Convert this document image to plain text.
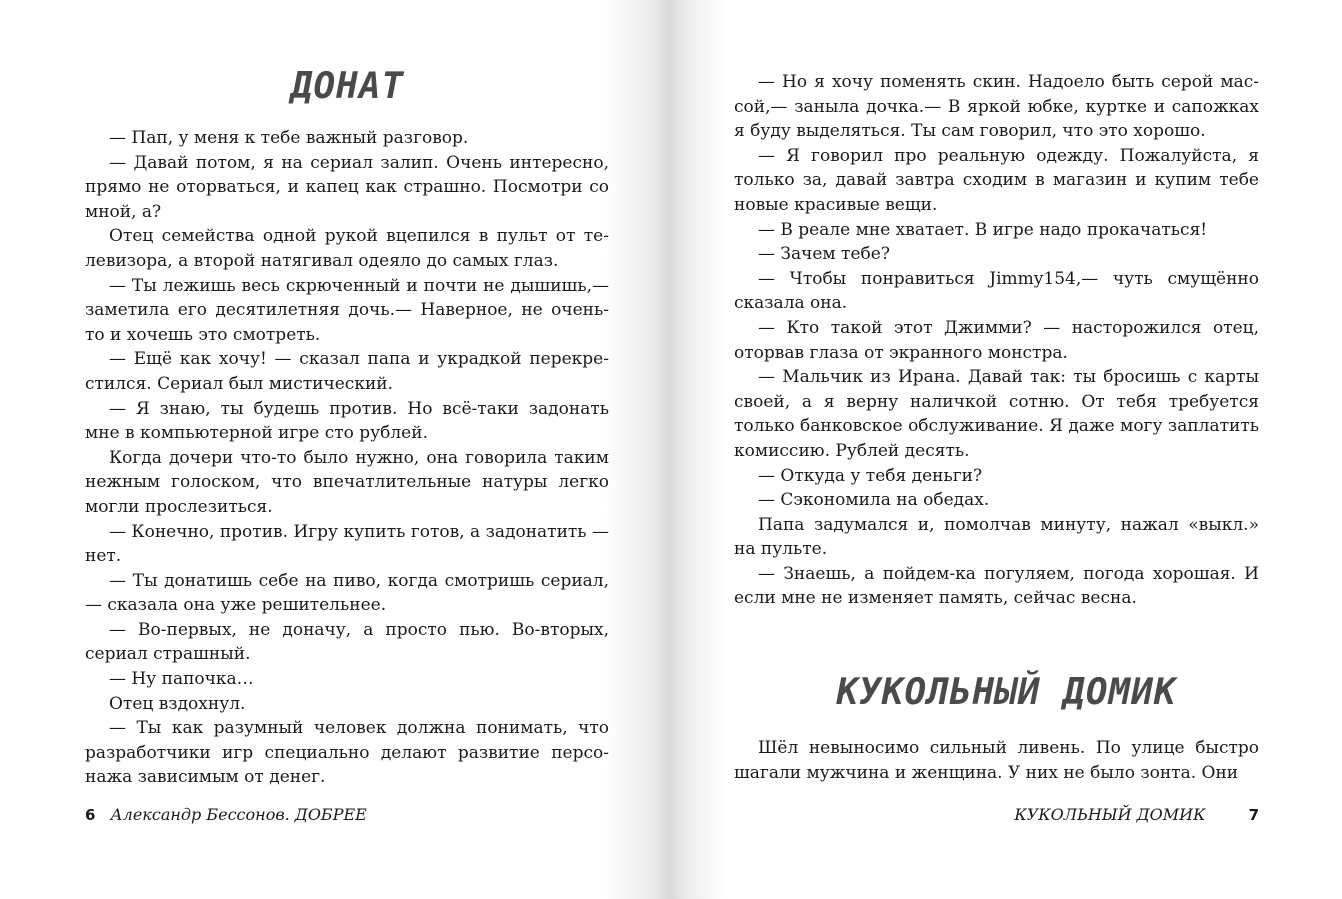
ДОНАТ

— Пап, у меня к тебе важный разговор.

— Давай потом, я на сериал залип. Очень интересно, прямо не оторваться, и капец как страшно. Посмотри со мной, а?

Отец семейства одной рукой вцепился в пульт от телевизора, а второй натягивал одеяло до самых глаз.

— Ты лежишь весь скрюченный и почти не дышишь,— заметила его десятилетняя дочь.— Наверное, не очень-то и хочешь это смотреть.

— Ещё как хочу! — сказал папа и украдкой перекрестился. Сериал был мистический.

— Я знаю, ты будешь против. Но всё-таки задонать мне в компьютерной игре сто рублей.

Когда дочери что-то было нужно, она говорила таким нежным голоском, что впечатлительные натуры легко могли прослезиться.

— Конечно, против. Игру купить готов, а задонатить — нет.

— Ты донатишь себе на пиво, когда смотришь сериал,— сказала она уже решительнее.

— Во-первых, не доначу, а просто пью. Во-вторых, сериал страшный.

— Ну папочка…

Отец вздохнул.

— Ты как разумный человек должна понимать, что разработчики игр специально делают развитие персонажа зависимым от денег.

6 Александр Бессонов. ДОБРЕЕ

— Но я хочу поменять скин. Надоело быть серой массой,— заныла дочка.— В яркой юбке, куртке и сапожках я буду выделяться. Ты сам говорил, что это хорошо.

— Я говорил про реальную одежду. Пожалуйста, я только за, давай завтра сходим в магазин и купим тебе новые красивые вещи.

— В реале мне хватает. В игре надо прокачаться!

— Зачем тебе?

— Чтобы понравиться Jimmy154,— чуть смущённо сказала она.

— Кто такой этот Джимми? — насторожился отец, оторвав глаза от экранного монстра.

— Мальчик из Ирана. Давай так: ты бросишь с карты своей, а я верну наличкой сотню. От тебя требуется только банковское обслуживание. Я даже могу заплатить комиссию. Рублей десять.

— Откуда у тебя деньги?

— Сэкономила на обедах.

Папа задумался и, помолчав минуту, нажал «выкл.» на пульте.

— Знаешь, а пойдем-ка погуляем, погода хорошая. И если мне не изменяет память, сейчас весна.

КУКОЛЬНЫЙ ДОМИК

Шёл невыносимо сильный ливень. По улице быстро шагали мужчина и женщина. У них не было зонта. Они

КУКОЛЬНЫЙ ДОМИК	7
